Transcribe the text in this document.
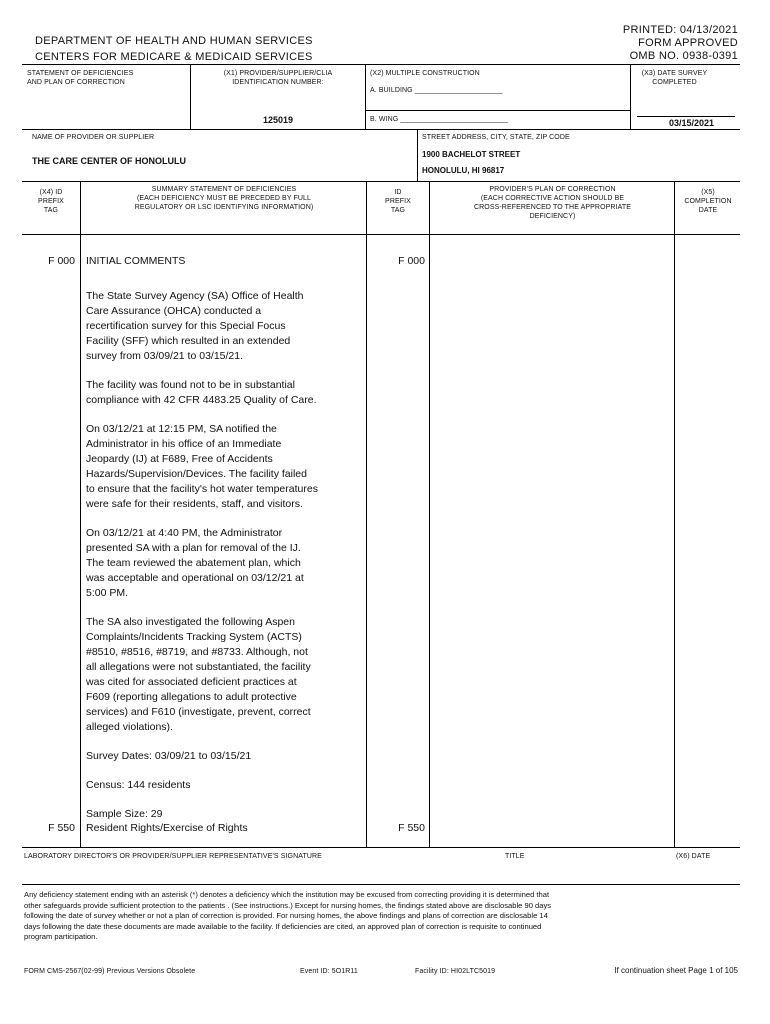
PRINTED: 04/13/2021
FORM APPROVED
OMB NO. 0938-0391
DEPARTMENT OF HEALTH AND HUMAN SERVICES
CENTERS FOR MEDICARE & MEDICAID SERVICES
STATEMENT OF DEFICIENCIES
AND PLAN OF CORRECTION
(X1) PROVIDER/SUPPLIER/CLIA
IDENTIFICATION NUMBER:
125019
(X2) MULTIPLE CONSTRUCTION
A. BUILDING ______________________
B. WING ___________________________
(X3) DATE SURVEY
COMPLETED
03/15/2021
NAME OF PROVIDER OR SUPPLIER
THE CARE CENTER OF HONOLULU
STREET ADDRESS, CITY, STATE, ZIP CODE
1900 BACHELOT STREET
HONOLULU, HI 96817
(X4) ID
PREFIX
TAG
SUMMARY STATEMENT OF DEFICIENCIES
(EACH DEFICIENCY MUST BE PRECEDED BY FULL
REGULATORY OR LSC IDENTIFYING INFORMATION)
ID
PREFIX
TAG
PROVIDER'S PLAN OF CORRECTION
(EACH CORRECTIVE ACTION SHOULD BE
CROSS-REFERENCED TO THE APPROPRIATE
DEFICIENCY)
(X5)
COMPLETION
DATE
F 000 INITIAL COMMENTS	F 000

The State Survey Agency (SA) Office of Health
Care Assurance (OHCA) conducted a
recertification survey for this Special Focus
Facility (SFF) which resulted in an extended
survey from 03/09/21 to 03/15/21.

The facility was found not to be in substantial
compliance with 42 CFR 4483.25 Quality of Care.

On 03/12/21 at 12:15 PM, SA notified the
Administrator in his office of an Immediate
Jeopardy (IJ) at F689, Free of Accidents
Hazards/Supervision/Devices. The facility failed
to ensure that the facility's hot water temperatures
were safe for their residents, staff, and visitors.

On 03/12/21 at 4:40 PM, the Administrator
presented SA with a plan for removal of the IJ.
The team reviewed the abatement plan, which
was acceptable and operational on 03/12/21 at
5:00 PM.

The SA also investigated the following Aspen
Complaints/Incidents Tracking System (ACTS)
#8510, #8516, #8719, and #8733. Although, not
all allegations were not substantiated, the facility
was cited for associated deficient practices at
F609 (reporting allegations to adult protective
services) and F610 (investigate, prevent, correct
alleged violations).

Survey Dates: 03/09/21 to 03/15/21

Census: 144 residents

Sample Size: 29

F 550 Resident Rights/Exercise of Rights	F 550
LABORATORY DIRECTOR'S OR PROVIDER/SUPPLIER REPRESENTATIVE'S SIGNATURE	TITLE	(X6) DATE
Any deficiency statement ending with an asterisk (*) denotes a deficiency which the institution may be excused from correcting providing it is determined that
other safeguards provide sufficient protection to the patients . (See instructions.) Except for nursing homes, the findings stated above are disclosable 90 days
following the date of survey whether or not a plan of correction is provided. For nursing homes, the above findings and plans of correction are disclosable 14
days following the date these documents are made available to the facility. If deficiencies are cited, an approved plan of correction is requisite to continued
program participation.
FORM CMS-2567(02-99) Previous Versions Obsolete	Event ID: 5O1R11	Facility ID: HI02LTC5019	If continuation sheet Page 1 of 105
